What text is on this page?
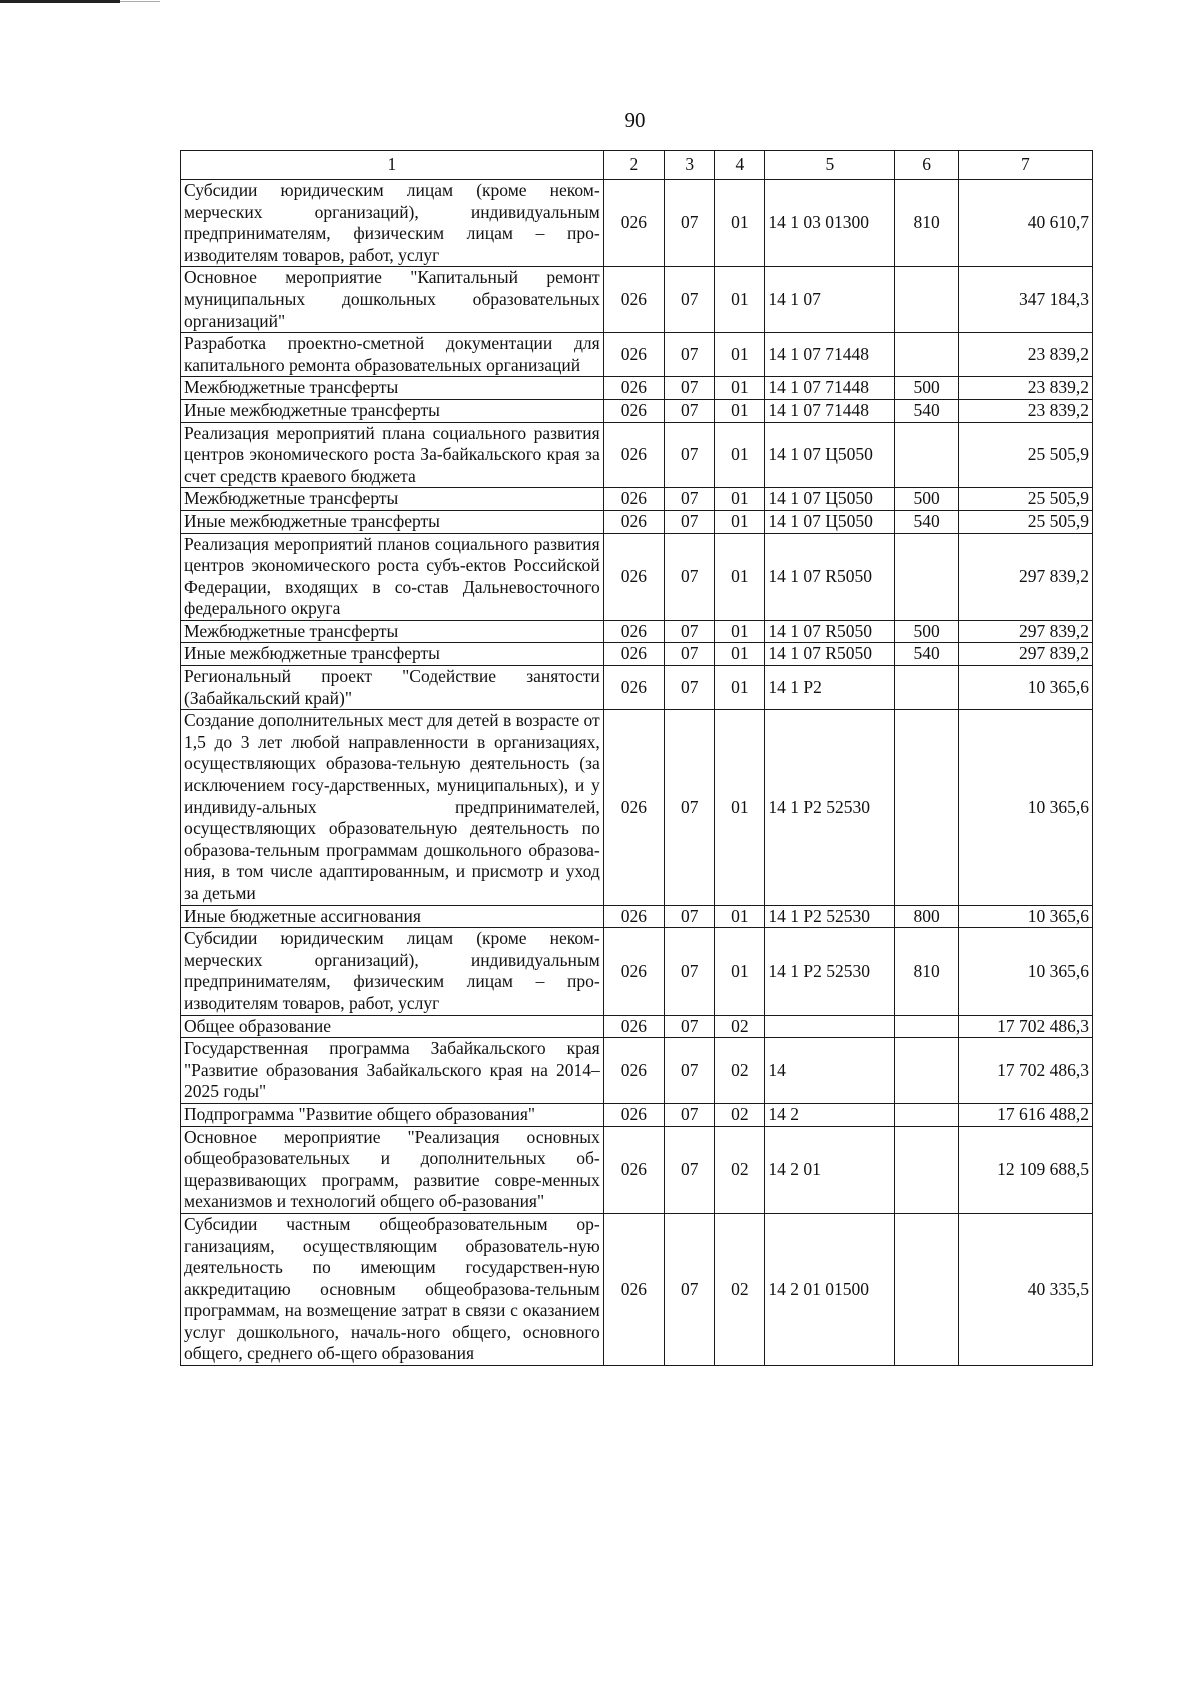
90
1	2	3	4	5	6	7
Субсидии юридическим лицам (кроме неком-мерческих организаций), индивидуальным предпринимателям, физическим лицам – про-изводителям товаров, работ, услуг	026	07	01	14 1 03 01300	810	40 610,7
Основное мероприятие "Капитальный ремонт муниципальных дошкольных образовательных организаций"	026	07	01	14 1 07		347 184,3
Разработка проектно-сметной документации для капитального ремонта образовательных организаций	026	07	01	14 1 07 71448		23 839,2
Межбюджетные трансферты	026	07	01	14 1 07 71448	500	23 839,2
Иные межбюджетные трансферты	026	07	01	14 1 07 71448	540	23 839,2
Реализация мероприятий плана социального развития центров экономического роста За-байкальского края за счет средств краевого бюджета	026	07	01	14 1 07 Ц5050		25 505,9
Межбюджетные трансферты	026	07	01	14 1 07 Ц5050	500	25 505,9
Иные межбюджетные трансферты	026	07	01	14 1 07 Ц5050	540	25 505,9
Реализация мероприятий планов социального развития центров экономического роста субъ-ектов Российской Федерации, входящих в со-став Дальневосточного федерального округа	026	07	01	14 1 07 R5050		297 839,2
Межбюджетные трансферты	026	07	01	14 1 07 R5050	500	297 839,2
Иные межбюджетные трансферты	026	07	01	14 1 07 R5050	540	297 839,2
Региональный проект "Содействие занятости (Забайкальский край)"	026	07	01	14 1 P2		10 365,6
Создание дополнительных мест для детей в возрасте от 1,5 до 3 лет любой направленности в организациях, осуществляющих образова-тельную деятельность (за исключением госу-дарственных, муниципальных), и у индивиду-альных предпринимателей, осуществляющих образовательную деятельность по образова-тельным программам дошкольного образова-ния, в том числе адаптированным, и присмотр и уход за детьми	026	07	01	14 1 P2 52530		10 365,6
Иные бюджетные ассигнования	026	07	01	14 1 P2 52530	800	10 365,6
Субсидии юридическим лицам (кроме неком-мерческих организаций), индивидуальным предпринимателям, физическим лицам – про-изводителям товаров, работ, услуг	026	07	01	14 1 P2 52530	810	10 365,6
Общее образование	026	07	02			17 702 486,3
Государственная программа Забайкальского края "Развитие образования Забайкальского края на 2014–2025 годы"	026	07	02	14		17 702 486,3
Подпрограмма "Развитие общего образования"	026	07	02	14 2		17 616 488,2
Основное мероприятие "Реализация основных общеобразовательных и дополнительных об-щеразвивающих программ, развитие совре-менных механизмов и технологий общего об-разования"	026	07	02	14 2 01		12 109 688,5
Субсидии частным общеобразовательным ор-ганизациям, осуществляющим образователь-ную деятельность по имеющим государствен-ную аккредитацию основным общеобразова-тельным программам, на возмещение затрат в связи с оказанием услуг дошкольного, началь-ного общего, основного общего, среднего об-щего образования	026	07	02	14 2 01 01500		40 335,5
